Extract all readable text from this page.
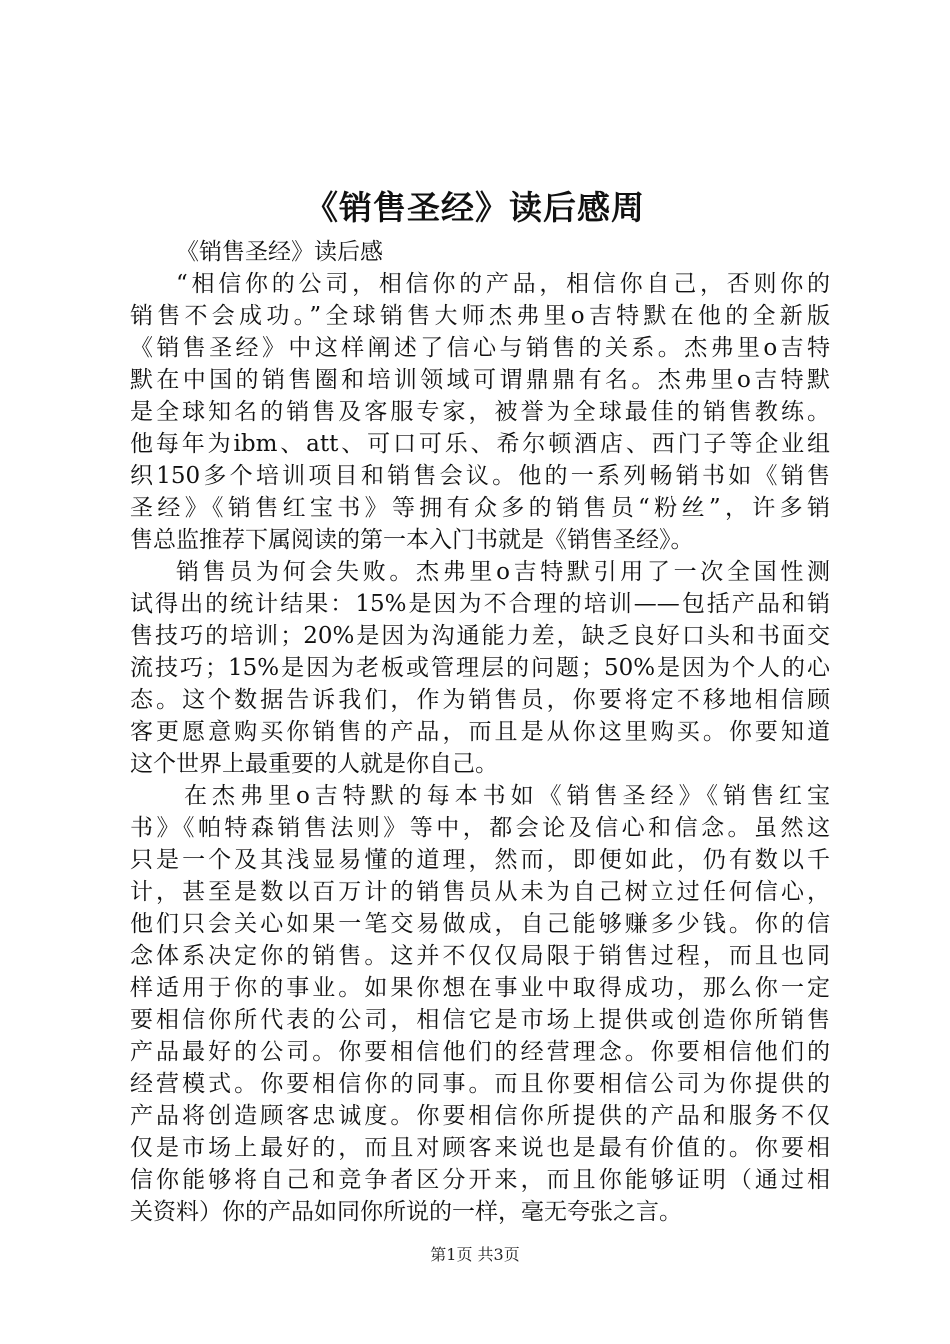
《销售圣经》读后感周
《销售圣经》读后感
“相信你的公司，相信你的产品，相信你自己，否则你的
销售不会成功。”全球销售大师杰弗里o吉特默在他的全新版
《销售圣经》中这样阐述了信心与销售的关系。杰弗里o吉特
默在中国的销售圈和培训领域可谓鼎鼎有名。杰弗里o吉特默
是全球知名的销售及客服专家，被誉为全球最佳的销售教练。
他每年为ibm、att、可口可乐、希尔顿酒店、西门子等企业组
织150多个培训项目和销售会议。他的一系列畅销书如《销售
圣经》《销售红宝书》等拥有众多的销售员“粉丝”，许多销
售总监推荐下属阅读的第一本入门书就是《销售圣经》。
销售员为何会失败。杰弗里o吉特默引用了一次全国性测
试得出的统计结果：15%是因为不合理的培训——包括产品和销
售技巧的培训；20%是因为沟通能力差，缺乏良好口头和书面交
流技巧；15%是因为老板或管理层的问题；50%是因为个人的心
态。这个数据告诉我们，作为销售员，你要将定不移地相信顾
客更愿意购买你销售的产品，而且是从你这里购买。你要知道
这个世界上最重要的人就是你自己。
在杰弗里o吉特默的每本书如《销售圣经》《销售红宝
书》《帕特森销售法则》等中，都会论及信心和信念。虽然这
只是一个及其浅显易懂的道理，然而，即便如此，仍有数以千
计，甚至是数以百万计的销售员从未为自己树立过任何信心，
他们只会关心如果一笔交易做成，自己能够赚多少钱。你的信
念体系决定你的销售。这并不仅仅局限于销售过程，而且也同
样适用于你的事业。如果你想在事业中取得成功，那么你一定
要相信你所代表的公司，相信它是市场上提供或创造你所销售
产品最好的公司。你要相信他们的经营理念。你要相信他们的
经营模式。你要相信你的同事。而且你要相信公司为你提供的
产品将创造顾客忠诚度。你要相信你所提供的产品和服务不仅
仅是市场上最好的，而且对顾客来说也是最有价值的。你要相
信你能够将自己和竞争者区分开来，而且你能够证明（通过相
关资料）你的产品如同你所说的一样，毫无夸张之言。
第1页 共3页
